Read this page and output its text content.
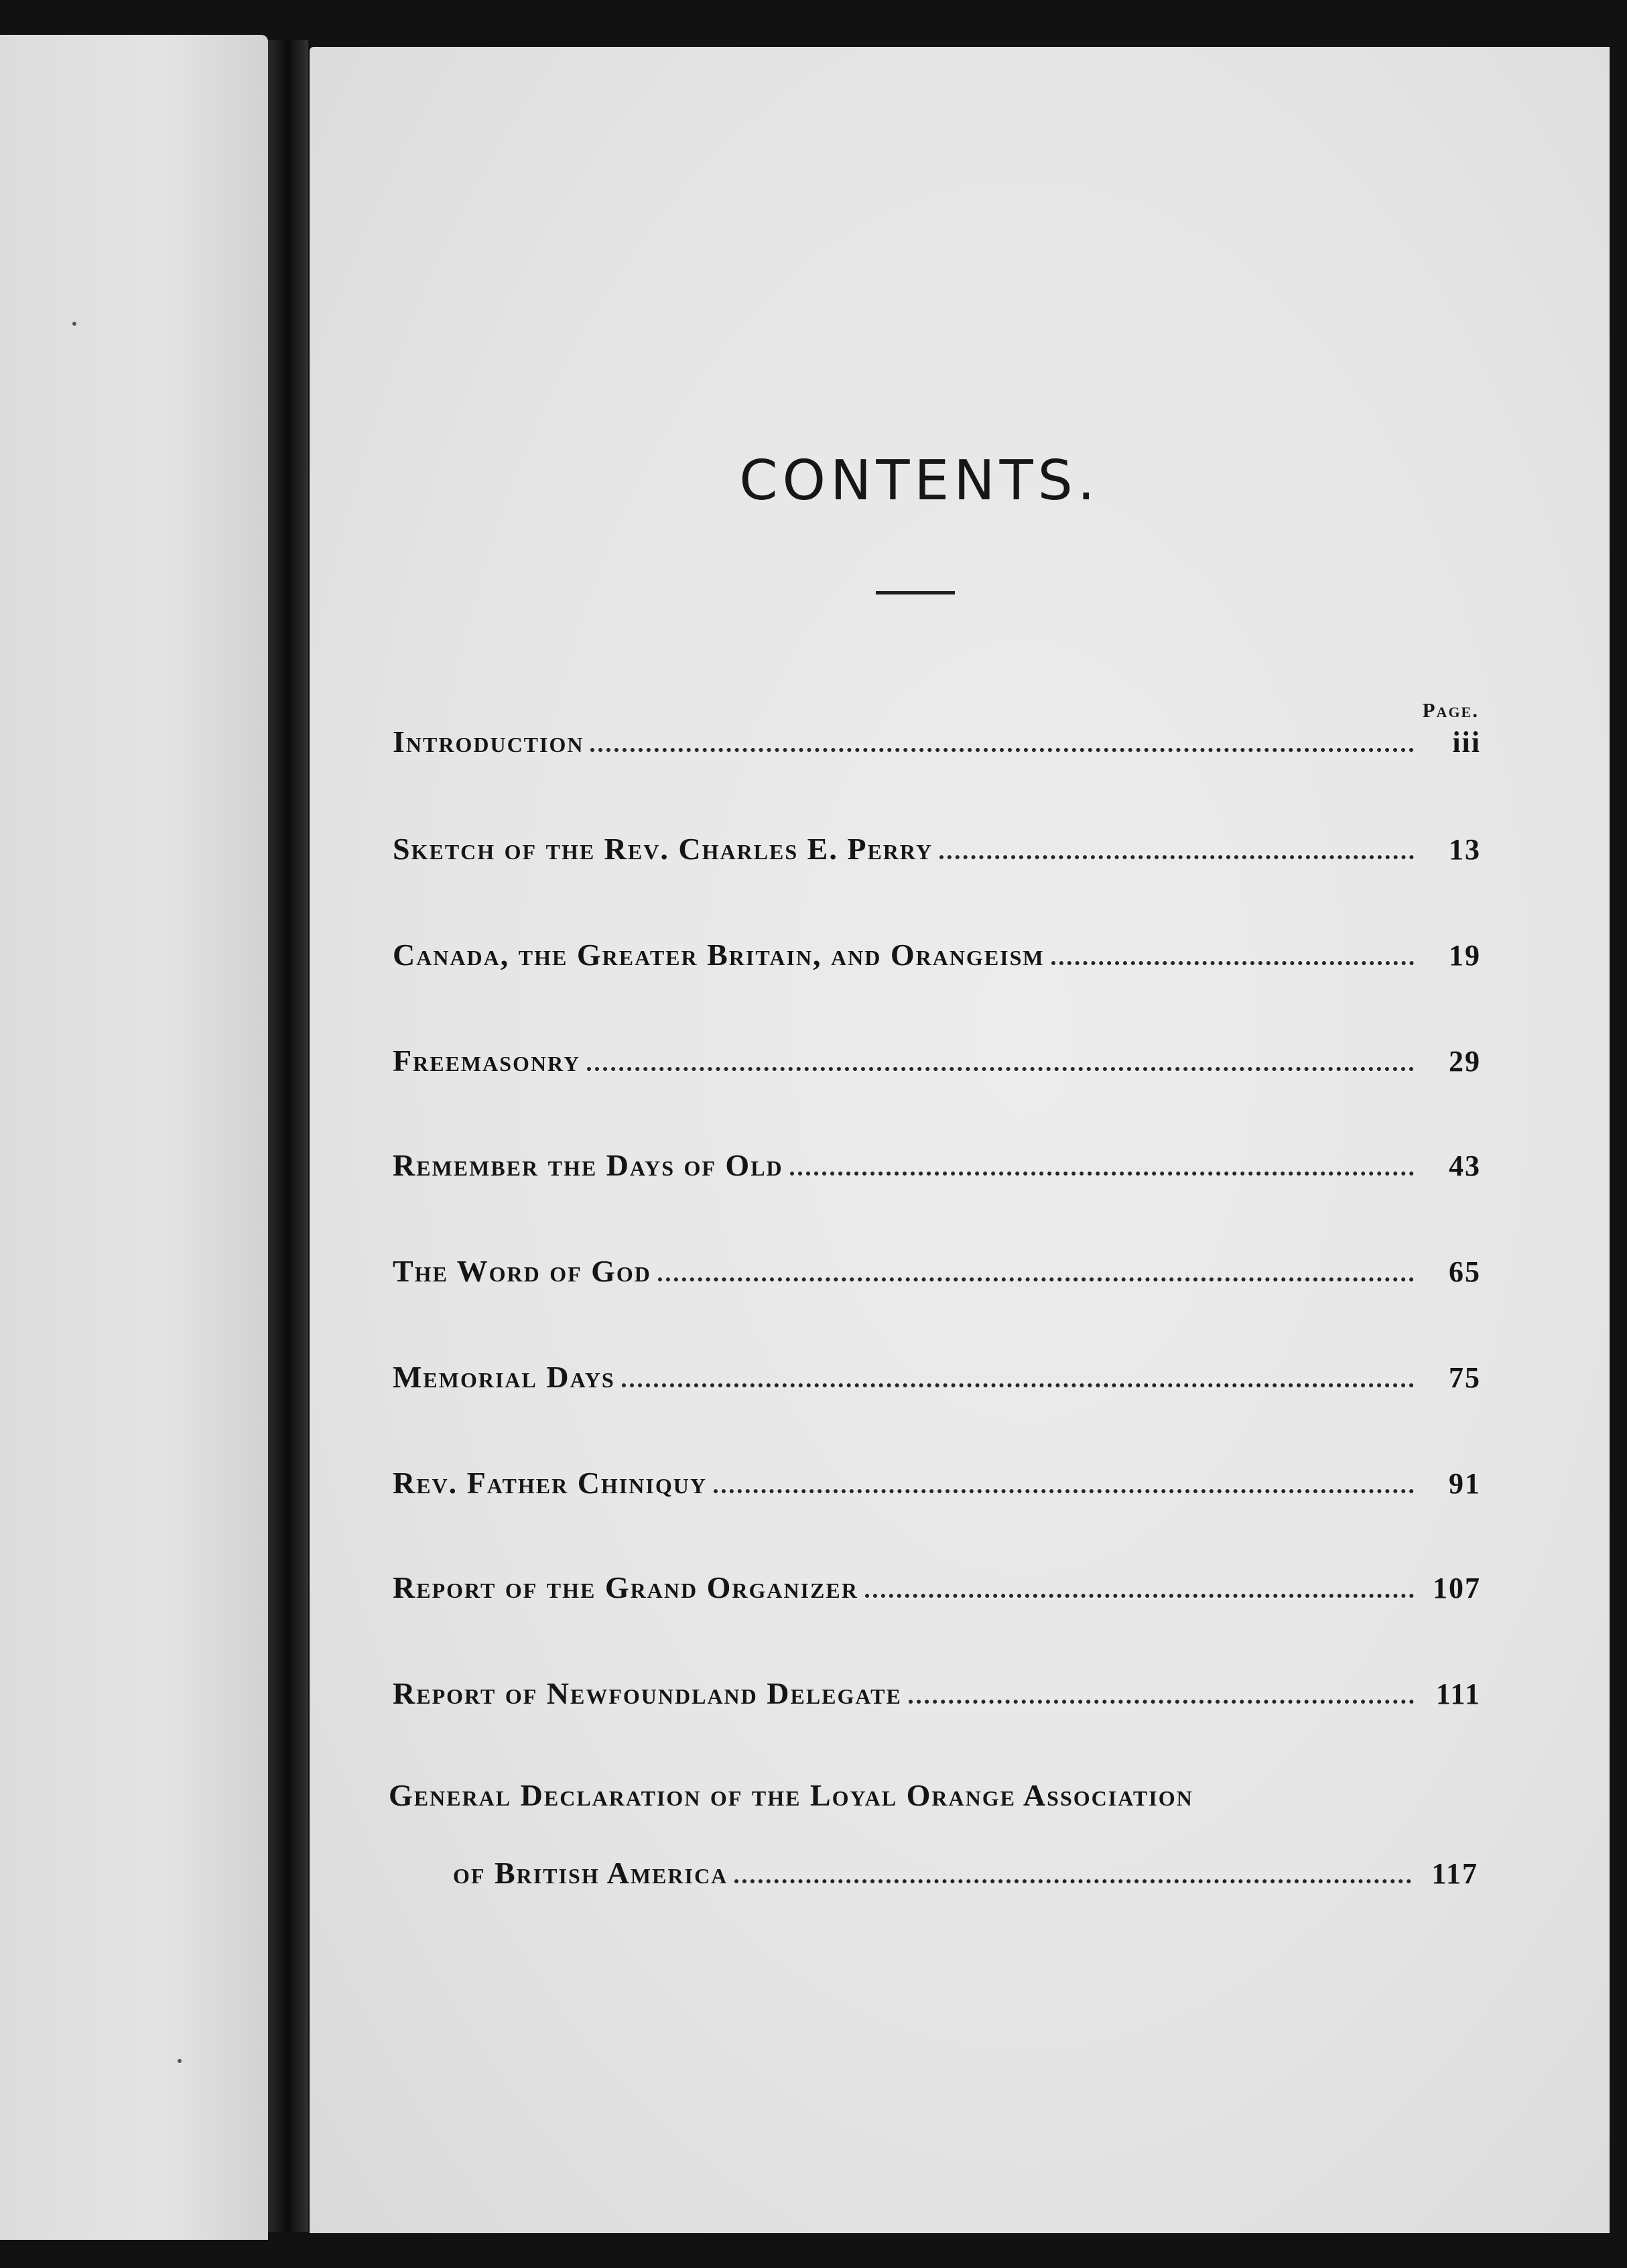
CONTENTS.
Page.
Introduction	iii
Sketch of the Rev. Charles E. Perry	13
Canada, the Greater Britain, and Orangeism	19
Freemasonry	29
Remember the Days of Old	43
The Word of God	65
Memorial Days	75
Rev. Father Chiniquy	91
Report of the Grand Organizer	107
Report of Newfoundland Delegate	111
General Declaration of the Loyal Orange Association
of British America	117
